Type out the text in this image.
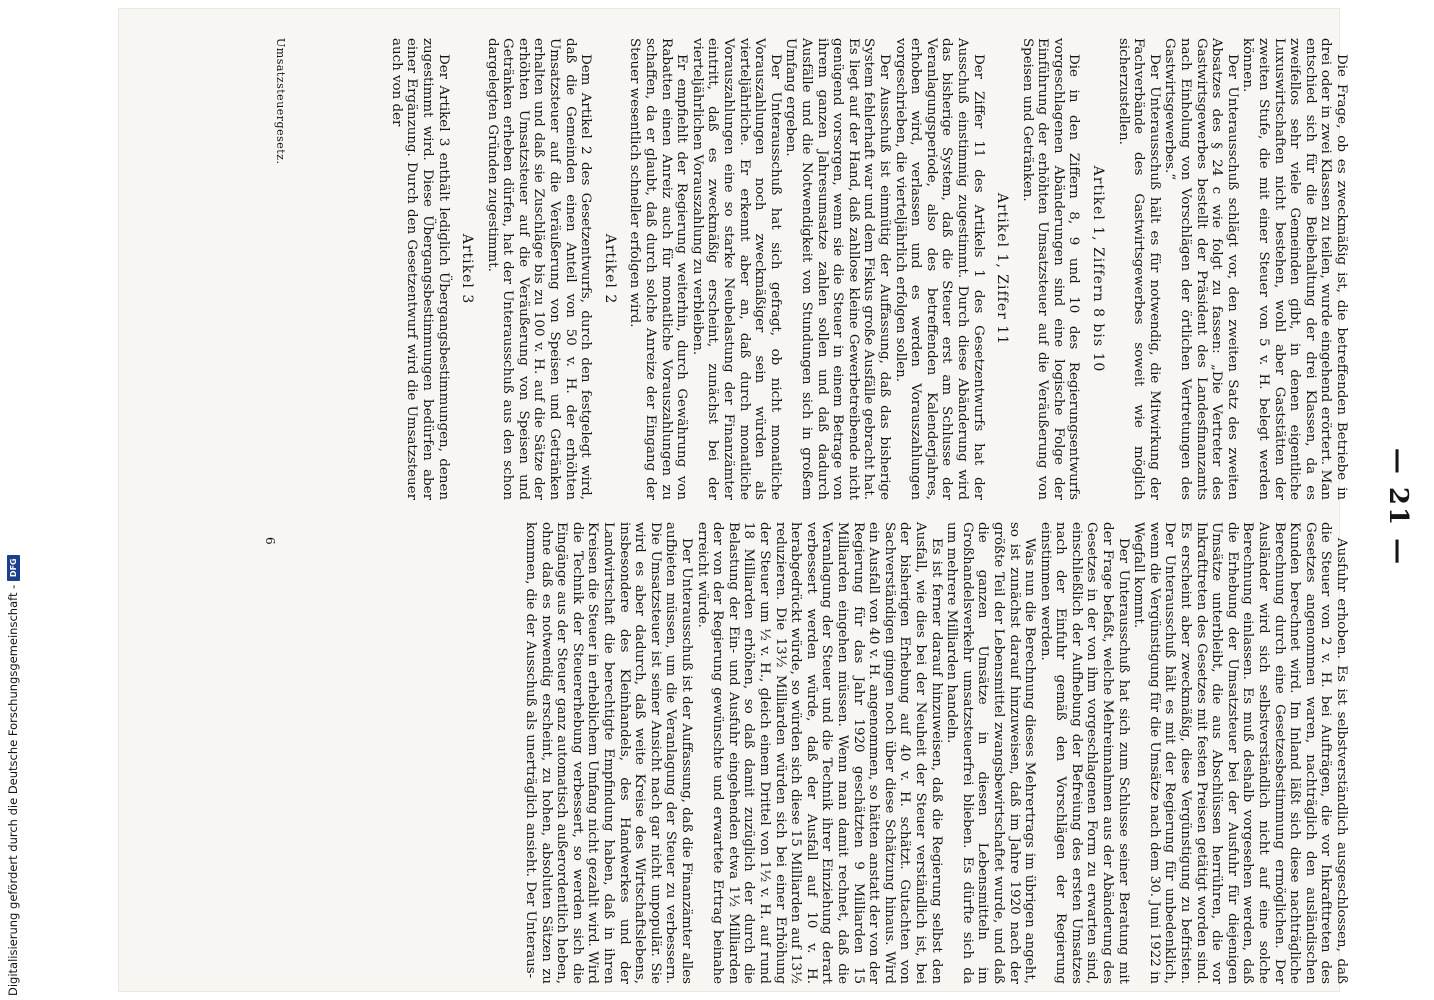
Digitalisierung gefördert durch die Deutsche Forschungsgemeinschaft -
DFG
— 21 —

Die Frage, ob es zweckmäßig ist, die betreffenden Betriebe in drei oder in zwei Klassen zu teilen, wurde eingehend erörtert. Man entschied sich für die Beibehaltung der drei Klassen, da es zweifellos sehr viele Gemeinden gibt, in denen eigentliche Luxuswirtschaften nicht bestehen, wohl aber Gaststätten der zweiten Stufe, die mit einer Steuer von 5 v. H. belegt werden können.

Der Unterausschuß schlägt vor, den zweiten Satz des zweiten Absatzes des § 24 c wie folgt zu fassen: „Die Vertreter des Gastwirtsgewerbes bestellt der Präsident des Landesfinanzamts nach Einholung von Vorschlägen der örtlichen Vertretungen des Gastwirtsgewerbes.“

Der Unterausschuß hält es für notwendig, die Mitwirkung der Fachverbände des Gastwirtsgewerbes soweit wie möglich sicherzustellen.

Artikel 1, Ziffern 8 bis 10

Die in den Ziffern 8, 9 und 10 des Regierungsentwurfs vorgeschlagenen Abänderungen sind eine logische Folge der Einführung der erhöhten Umsatzsteuer auf die Veräußerung von Speisen und Getränken.

Artikel 1, Ziffer 11

Der Ziffer 11 des Artikels 1 des Gesetzentwurfs hat der Ausschuß einstimmig zugestimmt. Durch diese Abänderung wird das bisherige System, daß die Steuer erst am Schlusse der Veranlagungsperiode, also des betreffenden Kalenderjahres, erhoben wird, verlassen und es werden Vorauszahlungen vorgeschrieben, die vierteljährlich erfolgen sollen.

Der Ausschuß ist einmütig der Auffassung, daß das bisherige System fehlerhaft war und dem Fiskus große Ausfälle gebracht hat. Es liegt auf der Hand, daß zahllose kleine Gewerbetreibende nicht genügend vorsorgen, wenn sie die Steuer in einem Betrage von ihrem ganzen Jahresumsatze zahlen sollen und daß dadurch Ausfälle und die Notwendigkeit von Stundungen sich in großem Umfang ergeben.

Der Unterausschuß hat sich gefragt, ob nicht monatliche Vorauszahlungen noch zweckmäßiger sein würden als vierteljährliche. Er erkennt aber an, daß durch monatliche Vorauszahlungen eine so starke Neubelastung der Finanzämter eintritt, daß es zweckmäßig erscheint, zunächst bei der vierteljährlichen Vorauszahlung zu verbleiben.

Er empfiehlt der Regierung weiterhin, durch Gewährung von Rabatten einen Anreiz auch für monatliche Vorauszahlungen zu schaffen, da er glaubt, daß durch solche Anreize der Eingang der Steuer wesentlich schneller erfolgen wird.

Artikel 2

Dem Artikel 2 des Gesetzentwurfs, durch den festgelegt wird, daß die Gemeinden einen Anteil von 50 v. H. der erhöhten Umsatzsteuer auf die Veräußerung von Speisen und Getränken erhalten und daß sie Zuschläge bis zu 100 v. H. auf die Sätze der erhöhten Umsatzsteuer auf die Veräußerung von Speisen und Getränken erheben dürfen, hat der Unterausschuß aus den schon dargelegten Gründen zugestimmt.

Artikel 3

Der Artikel 3 enthält lediglich Übergangsbestimmungen, denen zugestimmt wird. Diese Übergangsbestimmungen bedürfen aber einer Ergänzung. Durch den Gesetzentwurf wird die Umsatzsteuer auch von der

Ausfuhr erhoben. Es ist selbstverständlich ausgeschlossen, daß die Steuer von 2 v. H. bei Aufträgen, die vor Inkrafttreten des Gesetzes angenommen waren, nachträglich den ausländischen Kunden berechnet wird. Im Inland läßt sich diese nachträgliche Berechnung durch eine Gesetzesbestimmung ermöglichen. Der Ausländer wird sich selbstverständlich nicht auf eine solche Berechnung einlassen. Es muß deshalb vorgesehen werden, daß die Erhebung der Umsatzsteuer bei der Ausfuhr für diejenigen Umsätze unterbleibt, die aus Abschlüssen herrühren, die vor Inkrafttreten des Gesetzes mit festen Preisen getätigt worden sind. Es erscheint aber zweckmäßig, diese Vergünstigung zu befristen. Der Unterausschuß hält es mit der Regierung für unbedenklich, wenn die Vergünstigung für die Umsätze nach dem 30. Juni 1922 in Wegfall kommt.

Der Unterausschuß hat sich zum Schlusse seiner Beratung mit der Frage befaßt, welche Mehreinnahmen aus der Abänderung des Gesetzes in der von ihm vorgeschlagenen Form zu erwarten sind, einschließlich der Aufhebung der Befreiung des ersten Umsatzes nach der Einfuhr gemäß den Vorschlägen der Regierung einstimmen werden.

Was nun die Berechnung dieses Mehrertrags im übrigen angeht, so ist zunächst darauf hinzuweisen, daß im Jahre 1920 nach der größte Teil der Lebensmittel zwangsbewirtschaftet wurde, und daß die ganzen Umsätze in diesen Lebensmitteln im Großhandelsverkehr umsatzsteuerfrei blieben. Es dürfte sich da um mehrere Milliarden handeln.

Es ist ferner darauf hinzuweisen, daß die Regierung selbst den Ausfall, wie dies bei der Neuheit der Steuer verständlich ist, bei der bisherigen Erhebung auf 40 v. H. schätzt. Gutachten von Sachverständigen gingen noch über diese Schätzung hinaus. Wird ein Ausfall von 40 v. H. angenommen, so hätten anstatt der von der Regierung für das Jahr 1920 geschätzten 9 Milliarden 15 Milliarden eingehen müssen. Wenn man damit rechnet, daß die Veranlagung der Steuer und die Technik ihrer Einziehung derart verbessert werden würde, daß der Ausfall auf 10 v. H. herabgedrückt würde, so würden sich diese 15 Milliarden auf 13½ reduzieren. Die 13½ Milliarden würden sich bei einer Erhöhung der Steuer um ½ v. H., gleich einem Drittel von 1½ v. H. auf rund 18 Milliarden erhöhen, so daß damit zuzüglich der durch die Belastung der Ein- und Ausfuhr eingehenden etwa 1½ Milliarden der von der Regierung gewünschte und erwartete Ertrag beinahe erreicht würde.

Der Unterausschuß ist der Auffassung, daß die Finanzämter alles aufbieten müssen, um die Veranlagung der Steuer zu verbessern. Die Umsatzsteuer ist seiner Ansicht nach gar nicht unpopulär. Sie wird es aber dadurch, daß weite Kreise des Wirtschaftslebens, insbesondere des Kleinhandels, des Handwerkes und der Landwirtschaft die berechtigte Empfindung haben, daß in ihren Kreisen die Steuer in erheblichem Umfang nicht gezahlt wird. Wird die Technik der Steuererhebung verbessert, so werden sich die Eingänge aus der Steuer ganz automatisch außerordentlich heben, ohne daß es notwendig erscheint, zu hohen, absoluten Sätzen zu kommen, die der Ausschuß als unerträglich ansieht. Der Unteraus-

Umsatzsteuergesetz.
6
